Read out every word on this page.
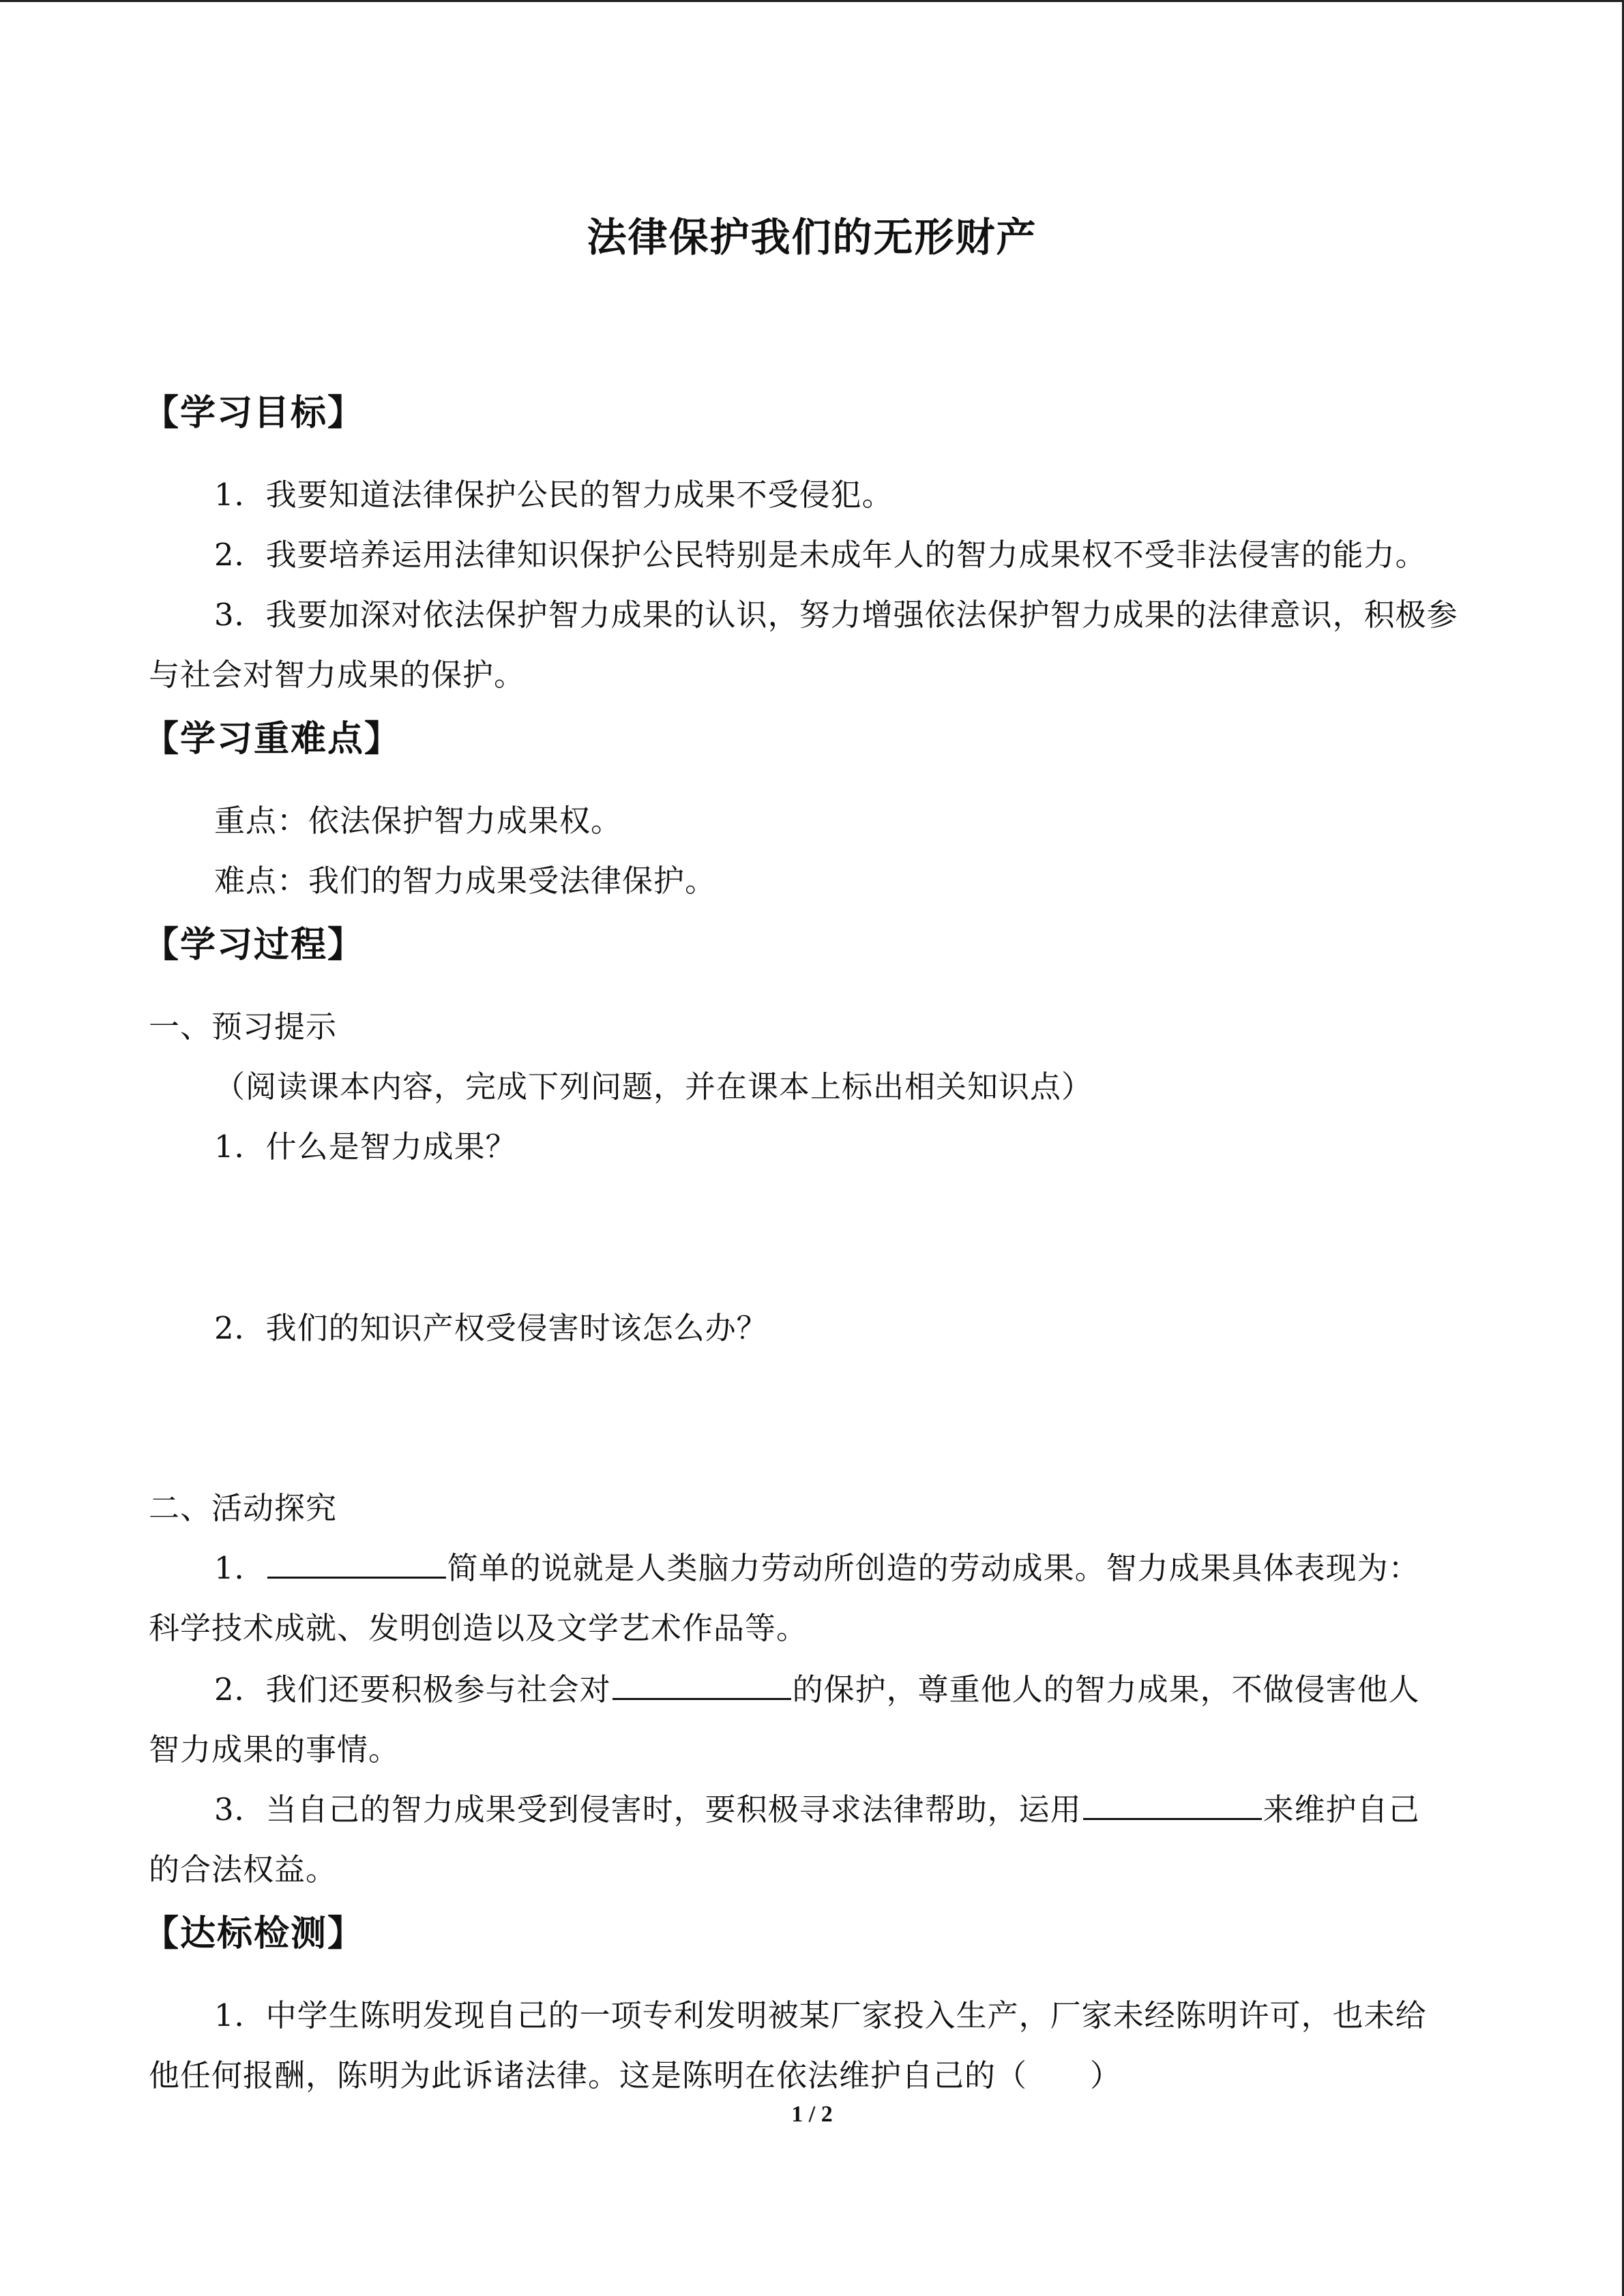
法律保护我们的无形财产
【学习目标】
1．我要知道法律保护公民的智力成果不受侵犯。
2．我要培养运用法律知识保护公民特别是未成年人的智力成果权不受非法侵害的能力。
3．我要加深对依法保护智力成果的认识，努力增强依法保护智力成果的法律意识，积极参与社会对智力成果的保护。
【学习重难点】
重点：依法保护智力成果权。
难点：我们的智力成果受法律保护。
【学习过程】
一、预习提示
（阅读课本内容，完成下列问题，并在课本上标出相关知识点）
1．什么是智力成果？
2．我们的知识产权受侵害时该怎么办？
二、活动探究
1．	简单的说就是人类脑力劳动所创造的劳动成果。智力成果具体表现为：
科学技术成就、发明创造以及文学艺术作品等。
2．我们还要积极参与社会对	的保护，尊重他人的智力成果，不做侵害他人
智力成果的事情。
3．当自己的智力成果受到侵害时，要积极寻求法律帮助，运用	来维护自己
的合法权益。
【达标检测】
1．中学生陈明发现自己的一项专利发明被某厂家投入生产，厂家未经陈明许可，也未给
他任何报酬，陈明为此诉诸法律。这是陈明在依法维护自己的（　　）
1 / 2
